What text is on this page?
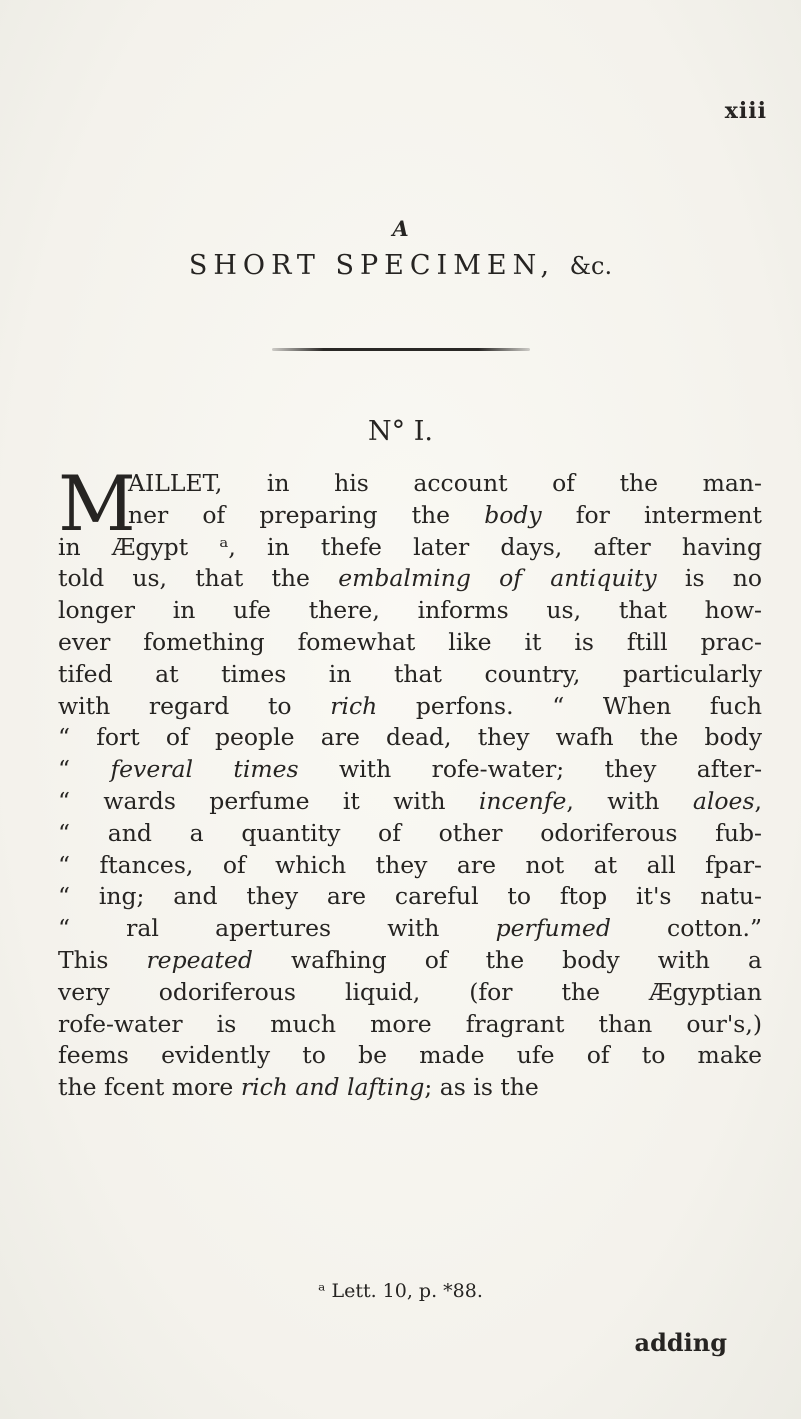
xiii
A
SHORT SPECIMEN, &c.
N° I.
M
AILLET, in his account of the man-
ner of preparing the body for interment
in Ægypt ᵃ, in thefe later days, after having
told us, that the embalming of antiquity is no
longer in ufe there, informs us, that how-
ever fomething fomewhat like it is ftill prac-
tifed at times in that country, particularly
with regard to rich perfons. “ When fuch
“ fort of people are dead, they wafh the body
“ feveral times with rofe-water; they after-
“ wards perfume it with incenfe, with aloes,
“ and a quantity of other odoriferous fub-
“ ftances, of which they are not at all fpar-
“ ing; and they are careful to ftop it's natu-
“ ral apertures with perfumed cotton.”
This repeated wafhing of the body with a
very odoriferous liquid, (for the Ægyptian
rofe-water is much more fragrant than our's,)
feems evidently to be made ufe of to make
the fcent more rich and lafting; as is the
ᵃ Lett. 10, p. *88.
adding
